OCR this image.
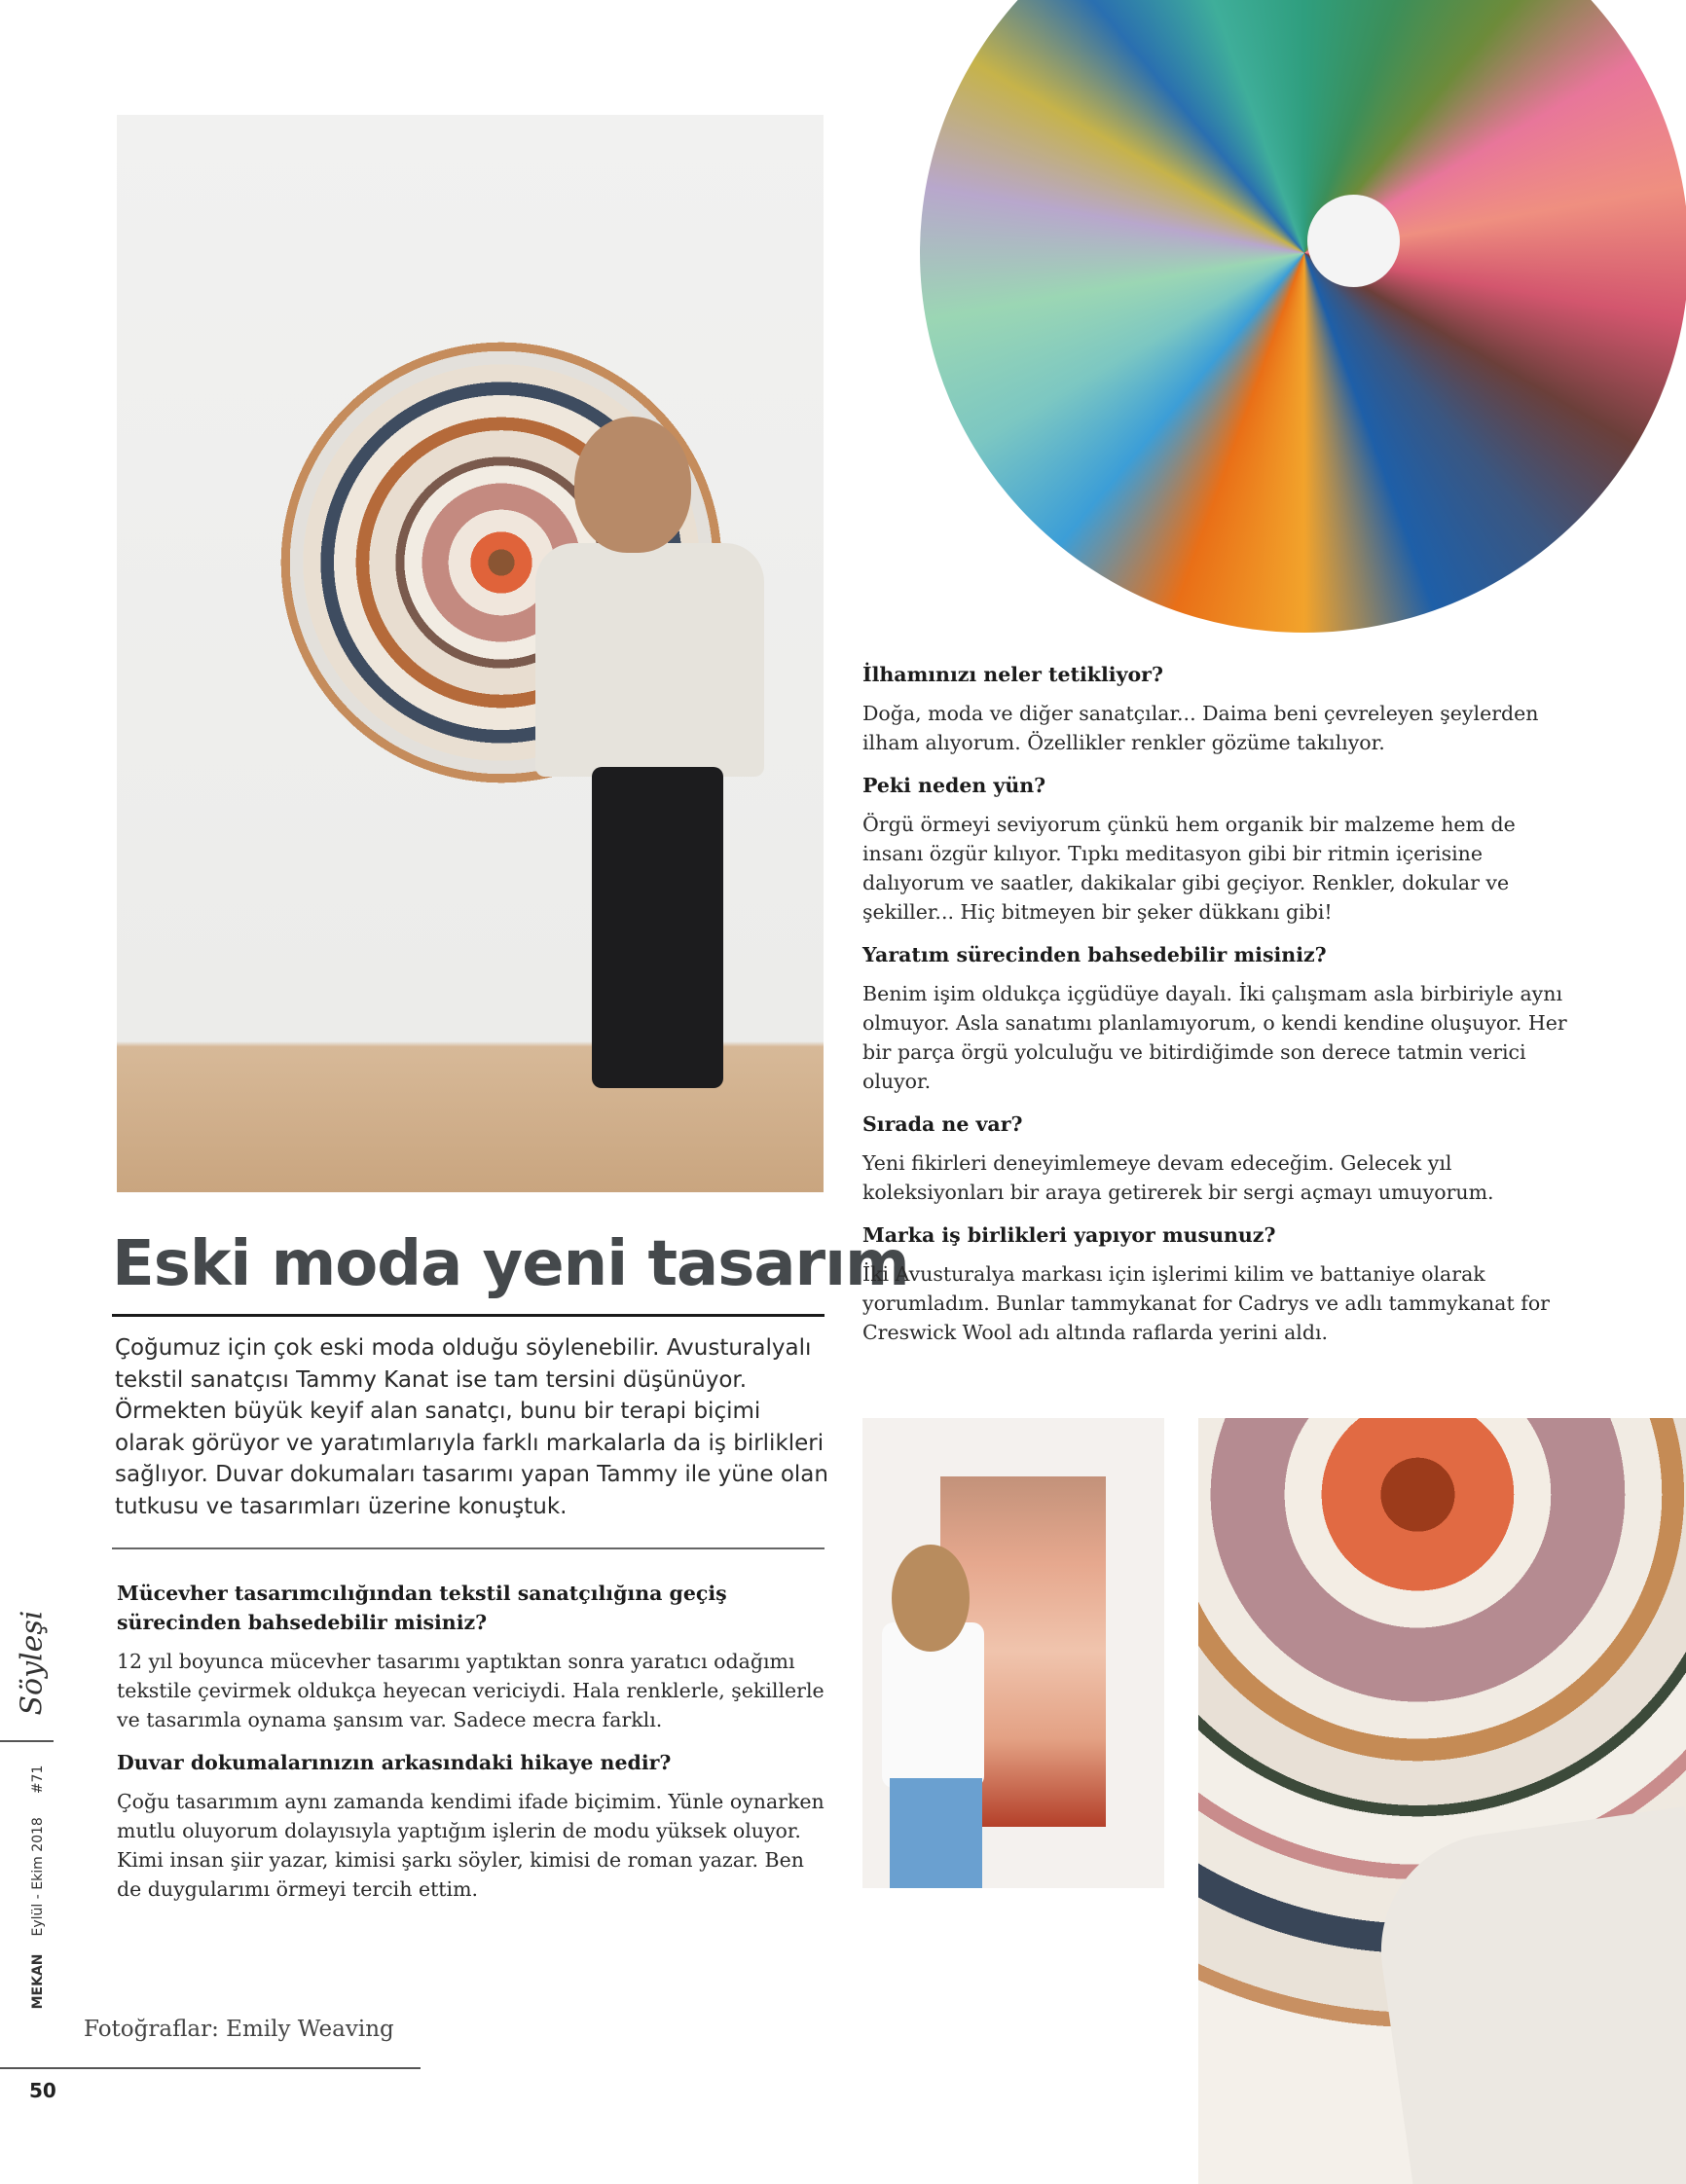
Eski moda yeni tasarım
Çoğumuz için çok eski moda olduğu söylenebilir. Avusturalyalı tekstil sanatçısı Tammy Kanat ise tam tersini düşünüyor. Örmekten büyük keyif alan sanatçı, bunu bir terapi biçimi olarak görüyor ve yaratımlarıyla farklı markalarla da iş birlikleri sağlıyor. Duvar dokumaları tasarımı yapan Tammy ile yüne olan tutkusu ve tasarımları üzerine konuştuk.

Mücevher tasarımcılığından tekstil sanatçılığına geçiş sürecinden bahsedebilir misiniz?

12 yıl boyunca mücevher tasarımı yaptıktan sonra yaratıcı odağımı tekstile çevirmek oldukça heyecan vericiydi. Hala renklerle, şekillerle ve tasarımla oynama şansım var. Sadece mecra farklı.

Duvar dokumalarınızın arkasındaki hikaye nedir?

Çoğu tasarımım aynı zamanda kendimi ifade biçimim. Yünle oynarken mutlu oluyorum dolayısıyla yaptığım işlerin de modu yüksek oluyor. Kimi insan şiir yazar, kimisi şarkı söyler, kimisi de roman yazar. Ben de duygularımı örmeyi tercih ettim.

İlhamınızı neler tetikliyor?

Doğa, moda ve diğer sanatçılar... Daima beni çevreleyen şeylerden ilham alıyorum. Özellikler renkler gözüme takılıyor.

Peki neden yün?

Örgü örmeyi seviyorum çünkü hem organik bir malzeme hem de insanı özgür kılıyor. Tıpkı meditasyon gibi bir ritmin içerisine dalıyorum ve saatler, dakikalar gibi geçiyor. Renkler, dokular ve şekiller... Hiç bitmeyen bir şeker dükkanı gibi!

Yaratım sürecinden bahsedebilir misiniz?

Benim işim oldukça içgüdüye dayalı. İki çalışmam asla birbiriyle aynı olmuyor. Asla sanatımı planlamıyorum, o kendi kendine oluşuyor. Her bir parça örgü yolculuğu ve bitirdiğimde son derece tatmin verici oluyor.

Sırada ne var?

Yeni fikirleri deneyimlemeye devam edeceğim. Gelecek yıl koleksiyonları bir araya getirerek bir sergi açmayı umuyorum.

Marka iş birlikleri yapıyor musunuz?

İki Avusturalya markası için işlerimi kilim ve battaniye olarak yorumladım. Bunlar tammykanat for Cadrys ve adlı tammykanat for Creswick Wool adı altında raflarda yerini aldı.

Söyleşi
MEKANEylül - Ekim 2018#71
Fotoğraflar: Emily Weaving
50
